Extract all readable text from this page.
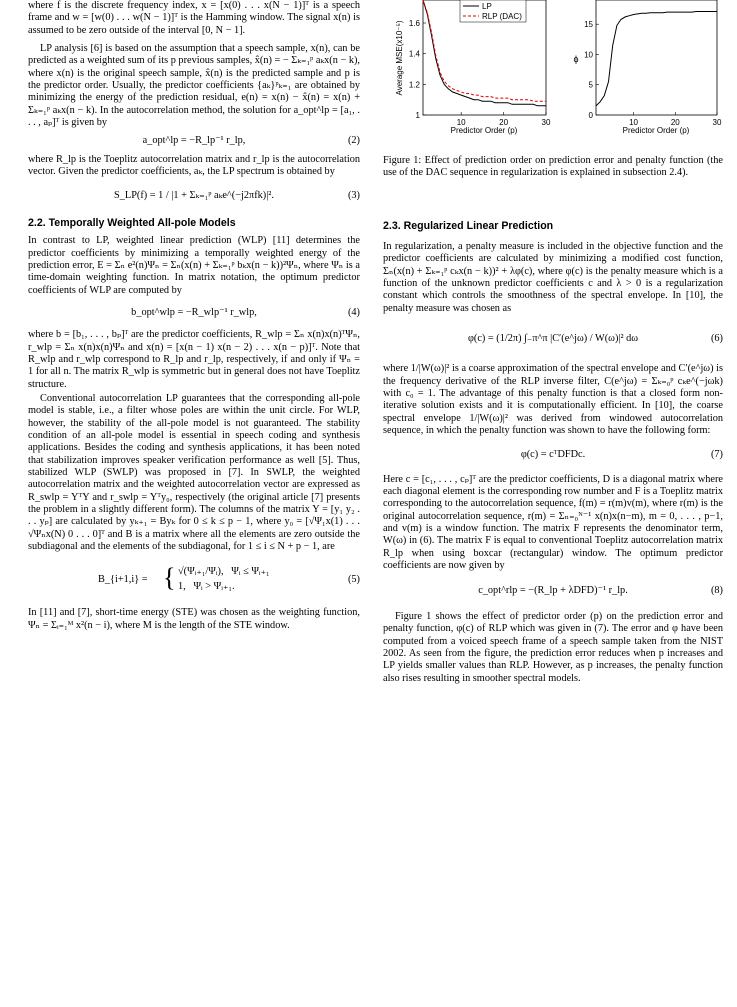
where f is the discrete frequency index, x = [x(0) . . . x(N − 1)]ᵀ is a speech frame and w = [w(0) . . . w(N − 1)]ᵀ is the Hamming window. The signal x(n) is assumed to be zero outside of the interval [0, N − 1].

LP analysis [6] is based on the assumption that a speech sample, x(n), can be predicted as a weighted sum of its p previous samples, x̂(n) = − Σₖ₌₁ᵖ aₖx(n − k), where x(n) is the original speech sample, x̂(n) is the predicted sample and p is the predictor order. Usually, the predictor coefficients {aₖ}ᵖₖ₌₁ are obtained by minimizing the energy of the prediction residual, e(n) = x(n) − x̂(n) = x(n) + Σₖ₌₁ᵖ aₖx(n − k). In the autocorrelation method, the solution for a_opt^lp = [a₁, . . . , aₚ]ᵀ is given by

a_opt^lp = −R_lp⁻¹ r_lp,	(2)

where R_lp is the Toeplitz autocorrelation matrix and r_lp is the autocorrelation vector. Given the predictor coefficients, aₖ, the LP spectrum is obtained by

S_LP(f) = 1 / |1 + Σₖ₌₁ᵖ aₖe^(−j2πfk)|².	(3)

2.2. Temporally Weighted All-pole Models

In contrast to LP, weighted linear prediction (WLP) [11] determines the predictor coefficients by minimizing a temporally weighted energy of the prediction error, E = Σₙ e²(n)Ψₙ = Σₙ(x(n) + Σₖ₌₁ᵖ bₖx(n − k))²Ψₙ, where Ψₙ is a time-domain weighting function. In matrix notation, the optimum predictor coefficients of WLP are computed by

b_opt^wlp = −R_wlp⁻¹ r_wlp,	(4)

where b = [b₁, . . . , bₚ]ᵀ are the predictor coefficients, R_wlp = Σₙ x(n)x(n)ᵀΨₙ, r_wlp = Σₙ x(n)x(n)Ψₙ and x(n) = [x(n − 1) x(n − 2) . . . x(n − p)]ᵀ. Note that R_wlp and r_wlp correspond to R_lp and r_lp, respectively, if and only if Ψₙ = 1 for all n. The matrix R_wlp is symmetric but in general does not have Toeplitz structure.

Conventional autocorrelation LP guarantees that the corresponding all-pole model is stable, i.e., a filter whose poles are within the unit circle. For WLP, however, the stability of the all-pole model is not guaranteed. The stability condition of an all-pole model is essential in speech coding and synthesis applications. Besides the coding and synthesis applications, it has been noted that stabilization improves speaker verification performance as well [5]. Thus, stabilized WLP (SWLP) was proposed in [7]. In SWLP, the weighted autocorrelation matrix and the weighted autocorrelation vector are expressed as R_swlp = YᵀY and r_swlp = Yᵀy₀, respectively (the original article [7] presents the problem in a slightly different form). The columns of the matrix Y = [y₁ y₂ . . . yₚ] are calculated by yₖ₊₁ = Byₖ for 0 ≤ k ≤ p − 1, where y₀ = [√Ψ₁x(1) . . . √Ψₙx(N) 0 . . . 0]ᵀ and B is a matrix where all the elements are zero outside the subdiagonal and the elements of the subdiagonal, for 1 ≤ i ≤ N + p − 1, are

B_{i+1,i} = { √(Ψᵢ₊₁/Ψᵢ),   Ψᵢ ≤ Ψᵢ₊₁
1,   Ψᵢ > Ψᵢ₊₁.
(5)

In [11] and [7], short-time energy (STE) was chosen as the weighting function, Ψₙ = Σᵢ₌₁ᴹ x²(n − i), where M is the length of the STE window.

10	20	30
1
1.2
1.4
1.6
Average MSE(x10⁻⁵)
Predictor Order (p)
LP
RLP (DAC)
10	20	30
0
5
10
15
ϕ
Predictor Order (p)

Figure 1: Effect of prediction order on prediction error and penalty function (the use of the DAC sequence in regularization is explained in subsection 2.4).

2.3. Regularized Linear Prediction

In regularization, a penalty measure is included in the objective function and the predictor coefficients are calculated by minimizing a modified cost function, Σₙ(x(n) + Σₖ₌₁ᵖ cₖx(n − k))² + λφ(c), where φ(c) is the penalty measure which is a function of the unknown predictor coefficients c and λ > 0 is a regularization constant which controls the smoothness of the spectral envelope. In [10], the penalty measure was chosen as

φ(c) = (1/2π) ∫₋π^π |C′(e^jω) / W(ω)|² dω	(6)

where 1/|W(ω)|² is a coarse approximation of the spectral envelope and C′(e^jω) is the frequency derivative of the RLP inverse filter, C(e^jω) = Σₖ₌₀ᵖ cₖe^(−jωk) with c₀ = 1. The advantage of this penalty function is that a closed form non-iterative solution exists and it is computationally efficient. In [10], the coarse spectral envelope 1/|W(ω)|² was derived from windowed autocorrelation sequence, in which the penalty function was shown to have the following form:

φ(c) = cᵀDFDc.	(7)

Here c = [c₁, . . . , cₚ]ᵀ are the predictor coefficients, D is a diagonal matrix where each diagonal element is the corresponding row number and F is a Toeplitz matrix corresponding to the autocorrelation sequence, f(m) = r(m)v(m), where r(m) is the original autocorrelation sequence, r(m) = Σₙ₌₀ᴺ⁻¹ x(n)x(n−m), m = 0, . . . , p−1, and v(m) is a window function. The matrix F represents the denominator term, W(ω) in (6). The matrix F is equal to conventional Toeplitz autocorrelation matrix R_lp when using boxcar (rectangular) window. The optimum predictor coefficients are now given by

c_opt^rlp = −(R_lp + λDFD)⁻¹ r_lp.	(8)

Figure 1 shows the effect of predictor order (p) on the prediction error and penalty function, φ(c) of RLP which was given in (7). The error and φ have been computed from a voiced speech frame of a speech sample taken from the NIST 2002. As seen from the figure, the prediction error reduces when p increases and LP yields smaller values than RLP. However, as p increases, the penalty function also rises resulting in smoother spectral models.
